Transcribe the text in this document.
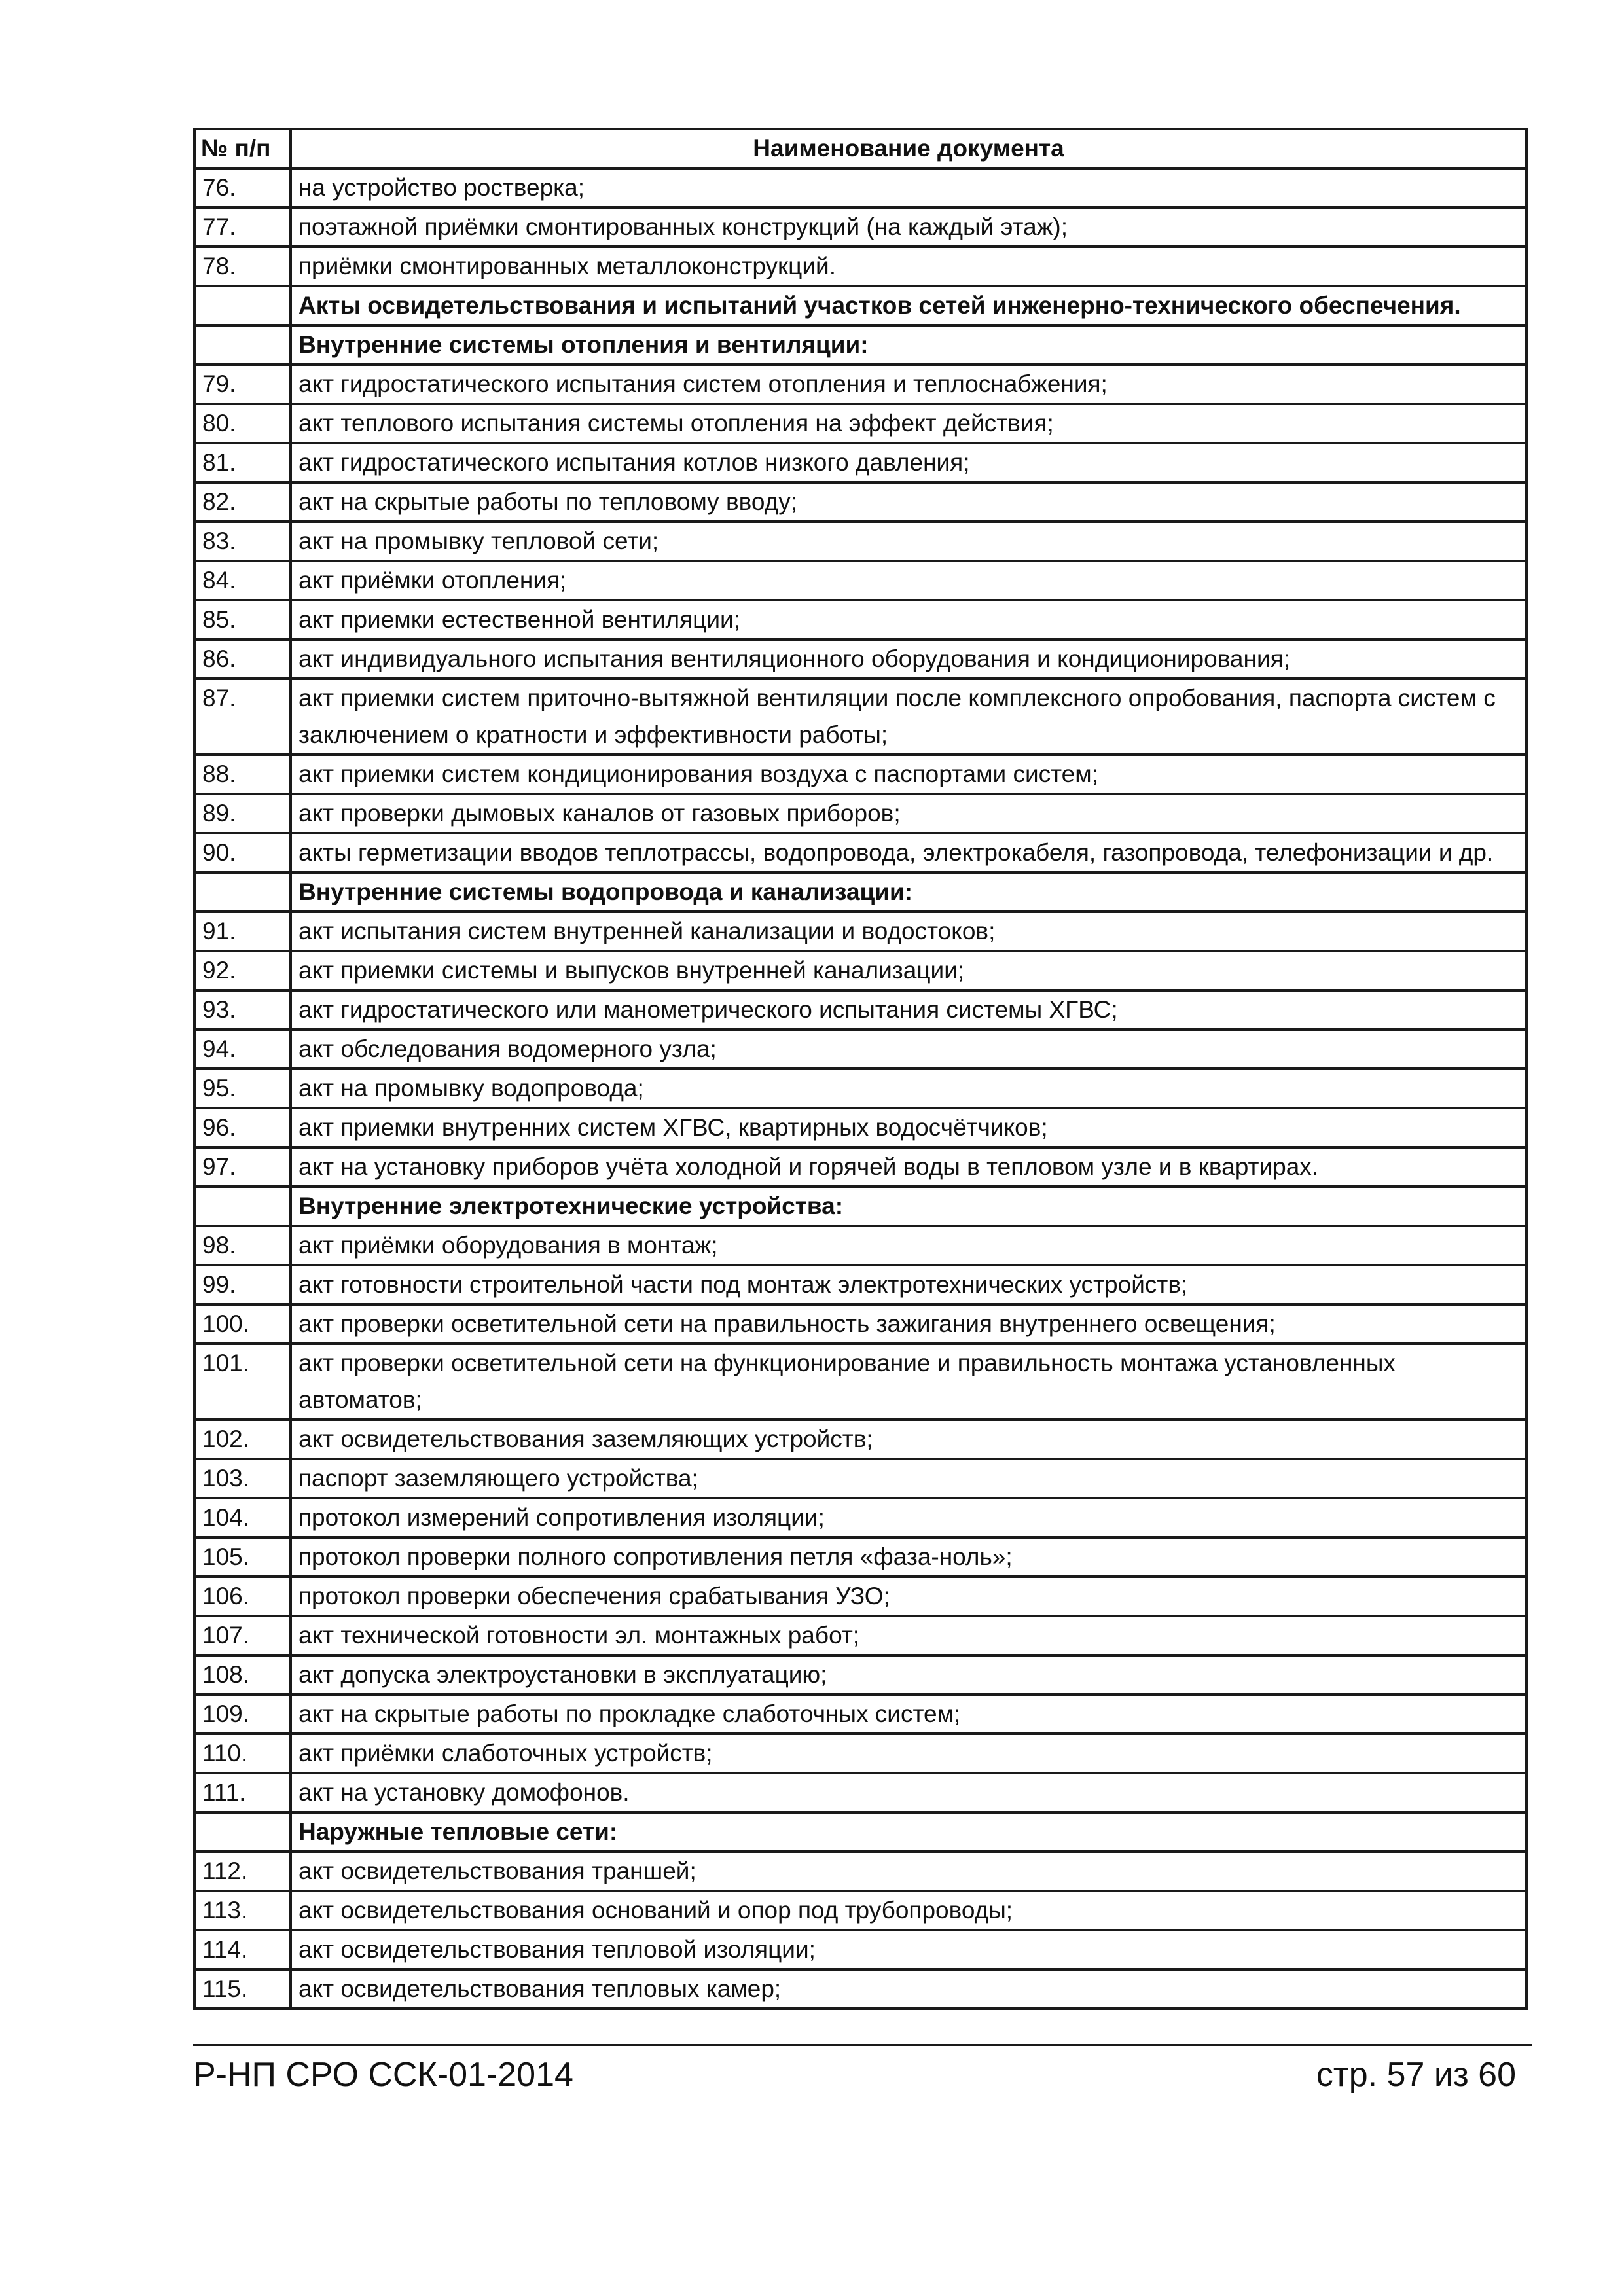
№ п/п	Наименование документа
76.	на устройство ростверка;
77.	поэтажной приёмки смонтированных конструкций (на каждый этаж);
78.	приёмки смонтированных металлоконструкций.
	Акты освидетельствования и испытаний участков сетей инженерно-технического обеспечения.
	Внутренние системы отопления и вентиляции:
79.	акт гидростатического испытания систем отопления и теплоснабжения;
80.	акт теплового испытания системы отопления на эффект действия;
81.	акт гидростатического испытания котлов низкого давления;
82.	акт на скрытые работы по тепловому вводу;
83.	акт на промывку тепловой сети;
84.	акт приёмки отопления;
85.	акт приемки естественной вентиляции;
86.	акт индивидуального испытания вентиляционного оборудования и кондиционирования;
87.	акт приемки систем приточно-вытяжной вентиляции после комплексного опробования, паспорта систем с заключением о кратности и эффективности работы;
88.	акт приемки систем кондиционирования воздуха с паспортами систем;
89.	акт проверки дымовых каналов от газовых приборов;
90.	акты герметизации вводов теплотрассы, водопровода, электрокабеля, газопровода, телефонизации и др.
	Внутренние системы водопровода и канализации:
91.	акт испытания систем внутренней канализации и водостоков;
92.	акт приемки системы и выпусков внутренней канализации;
93.	акт гидростатического или манометрического испытания системы ХГВС;
94.	акт обследования водомерного узла;
95.	акт на промывку водопровода;
96.	акт приемки внутренних систем ХГВС, квартирных водосчётчиков;
97.	акт на установку приборов учёта холодной и горячей воды в тепловом узле и в квартирах.
	Внутренние электротехнические устройства:
98.	акт приёмки оборудования в монтаж;
99.	акт готовности строительной части под монтаж электротехнических устройств;
100.	акт проверки осветительной сети на правильность зажигания внутреннего освещения;
101.	акт проверки осветительной сети на функционирование и правильность монтажа установленных автоматов;
102.	акт освидетельствования заземляющих устройств;
103.	паспорт заземляющего устройства;
104.	протокол измерений сопротивления изоляции;
105.	протокол проверки полного сопротивления петля «фаза-ноль»;
106.	протокол проверки обеспечения срабатывания УЗО;
107.	акт технической готовности эл. монтажных работ;
108.	акт допуска электроустановки в эксплуатацию;
109.	акт на скрытые работы по прокладке слаботочных систем;
110.	акт приёмки слаботочных устройств;
111.	акт на установку домофонов.
	Наружные тепловые сети:
112.	акт освидетельствования траншей;
113.	акт освидетельствования оснований и опор под трубопроводы;
114.	акт освидетельствования тепловой изоляции;
115.	акт освидетельствования тепловых камер;
Р-НП СРО ССК-01-2014	стр. 57 из 60
